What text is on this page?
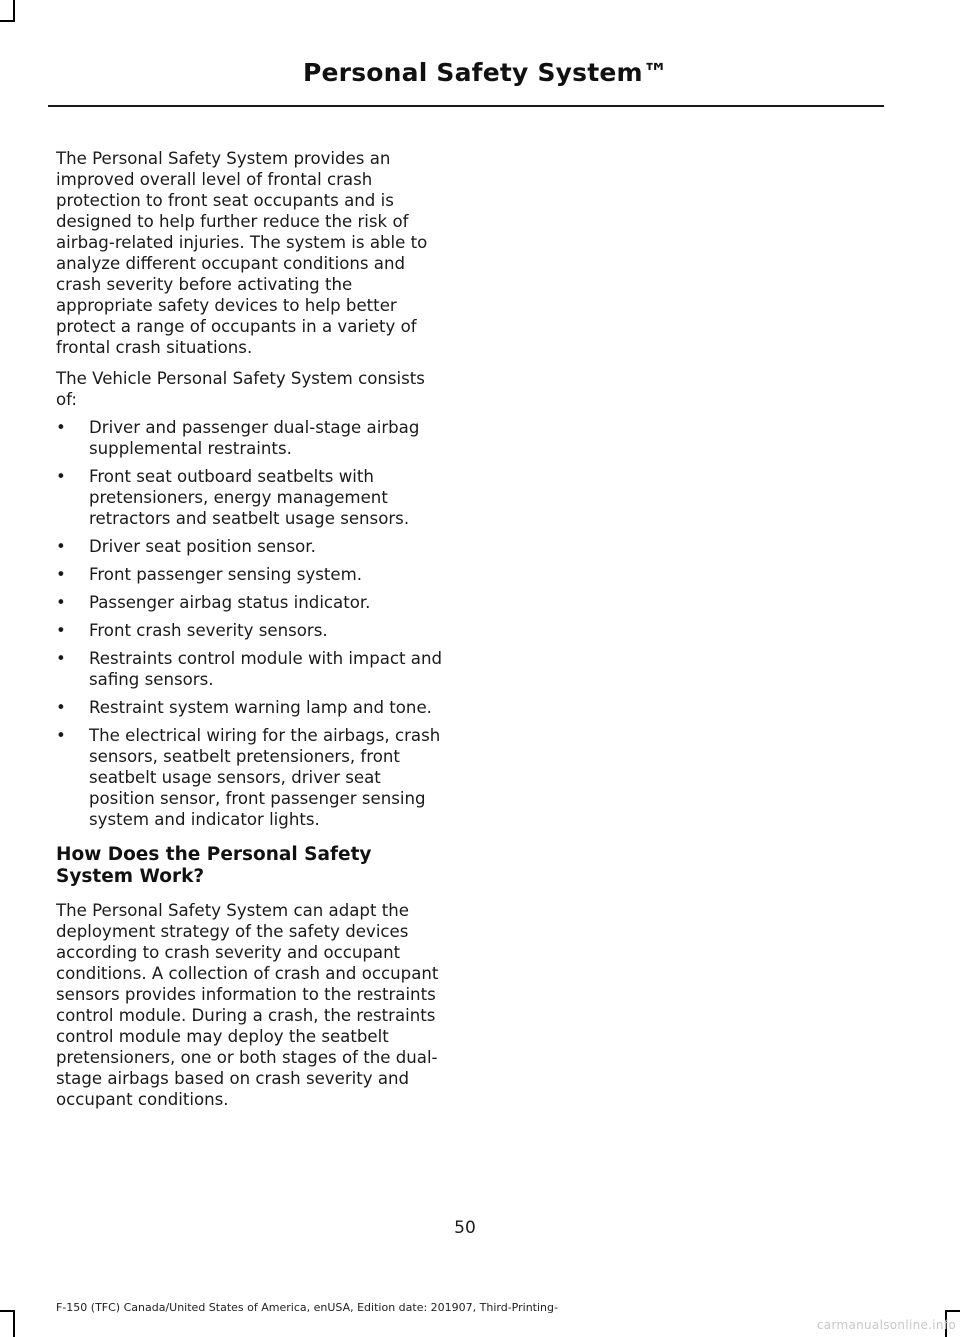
Personal Safety System™

The Personal Safety System provides an improved overall level of frontal crash protection to front seat occupants and is designed to help further reduce the risk of airbag-related injuries. The system is able to analyze different occupant conditions and crash severity before activating the appropriate safety devices to help better protect a range of occupants in a variety of frontal crash situations.

The Vehicle Personal Safety System consists of:

• Driver and passenger dual-stage airbag supplemental restraints.
• Front seat outboard seatbelts with pretensioners, energy management retractors and seatbelt usage sensors.
• Driver seat position sensor.
• Front passenger sensing system.
• Passenger airbag status indicator.
• Front crash severity sensors.
• Restraints control module with impact and safing sensors.
• Restraint system warning lamp and tone.
• The electrical wiring for the airbags, crash sensors, seatbelt pretensioners, front seatbelt usage sensors, driver seat position sensor, front passenger sensing system and indicator lights.
How Does the Personal Safety System Work?

The Personal Safety System can adapt the deployment strategy of the safety devices according to crash severity and occupant conditions. A collection of crash and occupant sensors provides information to the restraints control module. During a crash, the restraints control module may deploy the seatbelt pretensioners, one or both stages of the dual-stage airbags based on crash severity and occupant conditions.

50
F-150 (TFC) Canada/United States of America, enUSA, Edition date: 201907, Third-Printing-
carmanualsonline.info
